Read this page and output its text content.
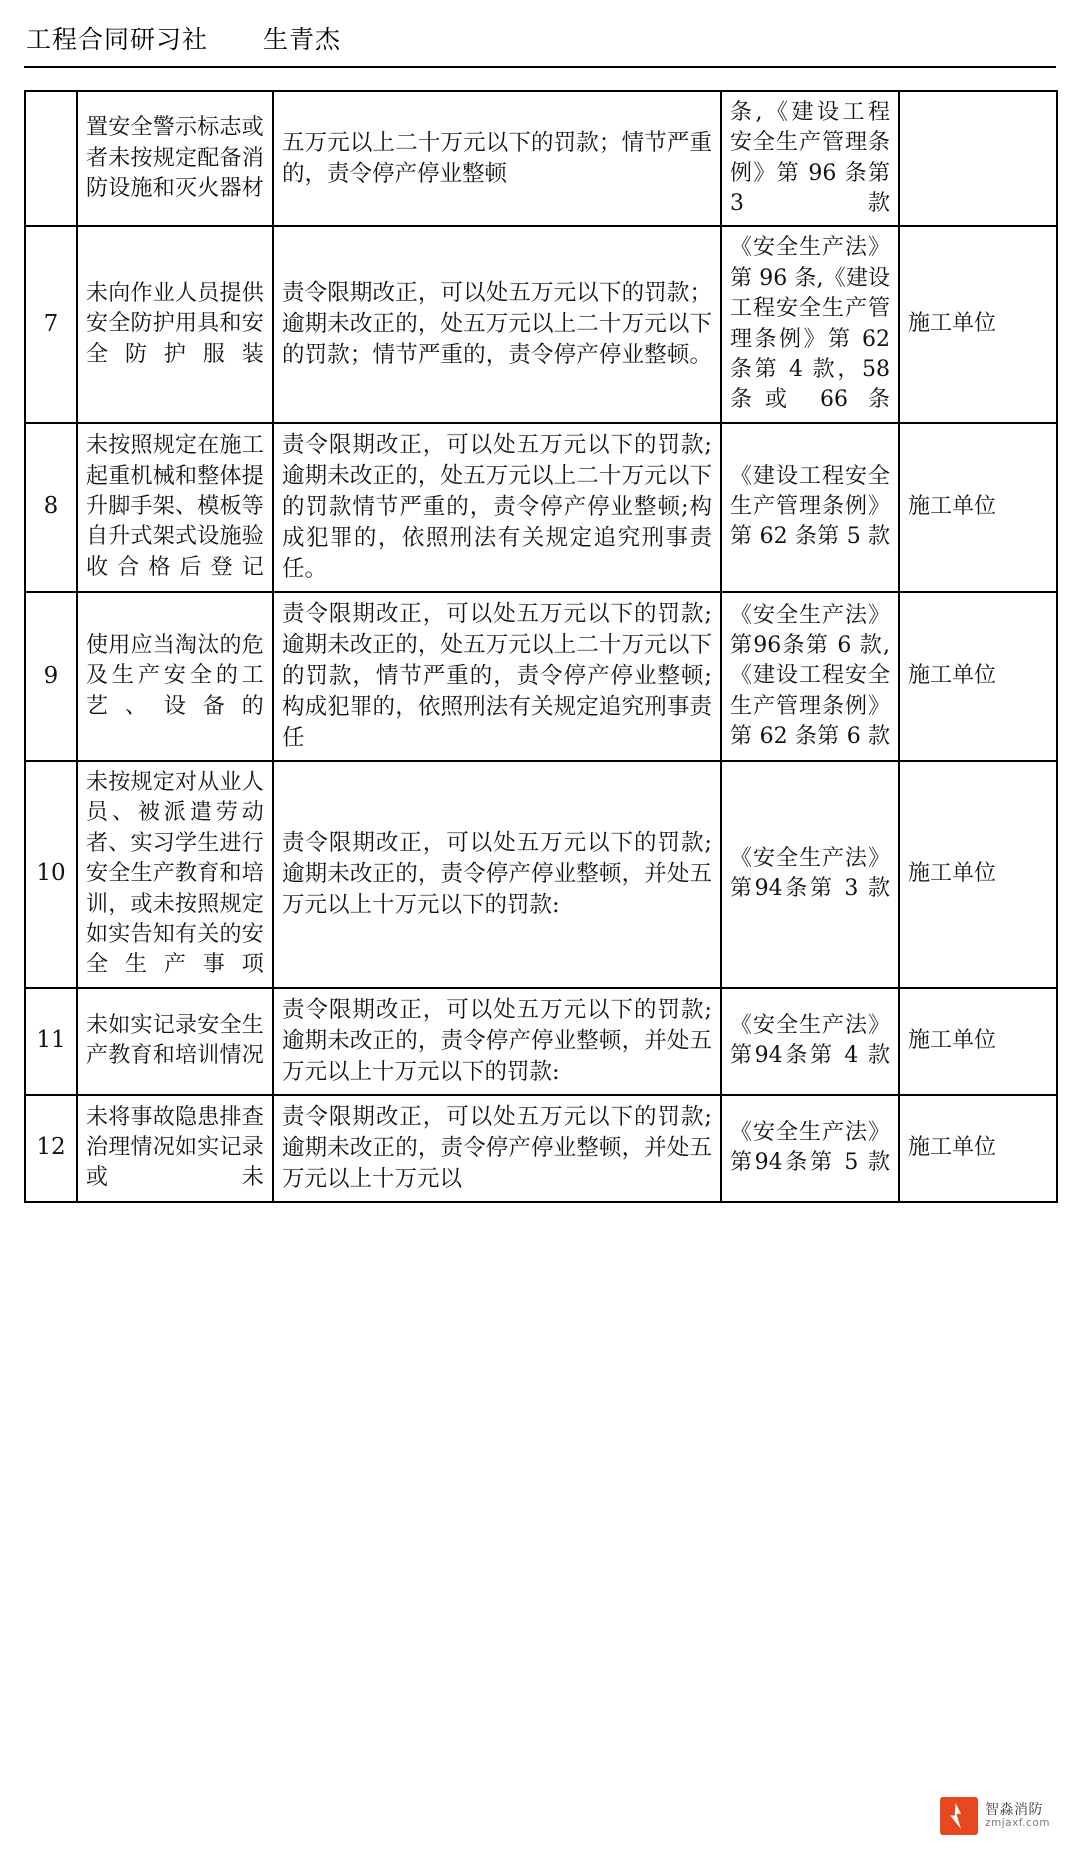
工程合同研习社 生青杰
	置安全警示标志或者未按规定配备消防设施和灭火器材	五万元以上二十万元以下的罚款；情节严重的，责令停产停业整顿	条,《建设工程安全生产管理条例》第 96 条第 3 款	
7	未向作业人员提供安全防护用具和安全防护服装	责令限期改正，可以处五万元以下的罚款；逾期未改正的，处五万元以上二十万元以下的罚款；情节严重的，责令停产停业整顿。	《安全生产法》第 96 条,《建设工程安全生产管理条例》第 62 条第 4 款，58 条或 66 条	施工单位
8	未按照规定在施工起重机械和整体提升脚手架、模板等自升式架式设施验收合格后登记	责令限期改正，可以处五万元以下的罚款;逾期未改正的，处五万元以上二十万元以下的罚款情节严重的，责令停产停业整顿;构成犯罪的，依照刑法有关规定追究刑事责任。	《建设工程安全生产管理条例》第 62 条第 5 款	施工单位
9	使用应当淘汰的危及生产安全的工艺、设备的	责令限期改正，可以处五万元以下的罚款;逾期未改正的，处五万元以上二十万元以下的罚款，情节严重的，责令停产停业整顿;构成犯罪的，依照刑法有关规定追究刑事责任	《安全生产法》第96条第 6 款,《建设工程安全生产管理条例》第 62 条第 6 款	施工单位
10	未按规定对从业人员、被派遣劳动者、实习学生进行安全生产教育和培训，或未按照规定如实告知有关的安全生产事项	责令限期改正，可以处五万元以下的罚款;逾期未改正的，责令停产停业整顿，并处五万元以上十万元以下的罚款:	《安全生产法》第94条第 3 款	施工单位
11	未如实记录安全生产教育和培训情况	责令限期改正，可以处五万元以下的罚款;逾期未改正的，责令停产停业整顿，并处五万元以上十万元以下的罚款:	《安全生产法》第94条第 4 款	施工单位
12	未将事故隐患排查治理情况如实记录或未	责令限期改正，可以处五万元以下的罚款;逾期未改正的，责令停产停业整顿，并处五万元以上十万元以	《安全生产法》第94条第 5 款	施工单位
智淼消防
zmjaxf.com
